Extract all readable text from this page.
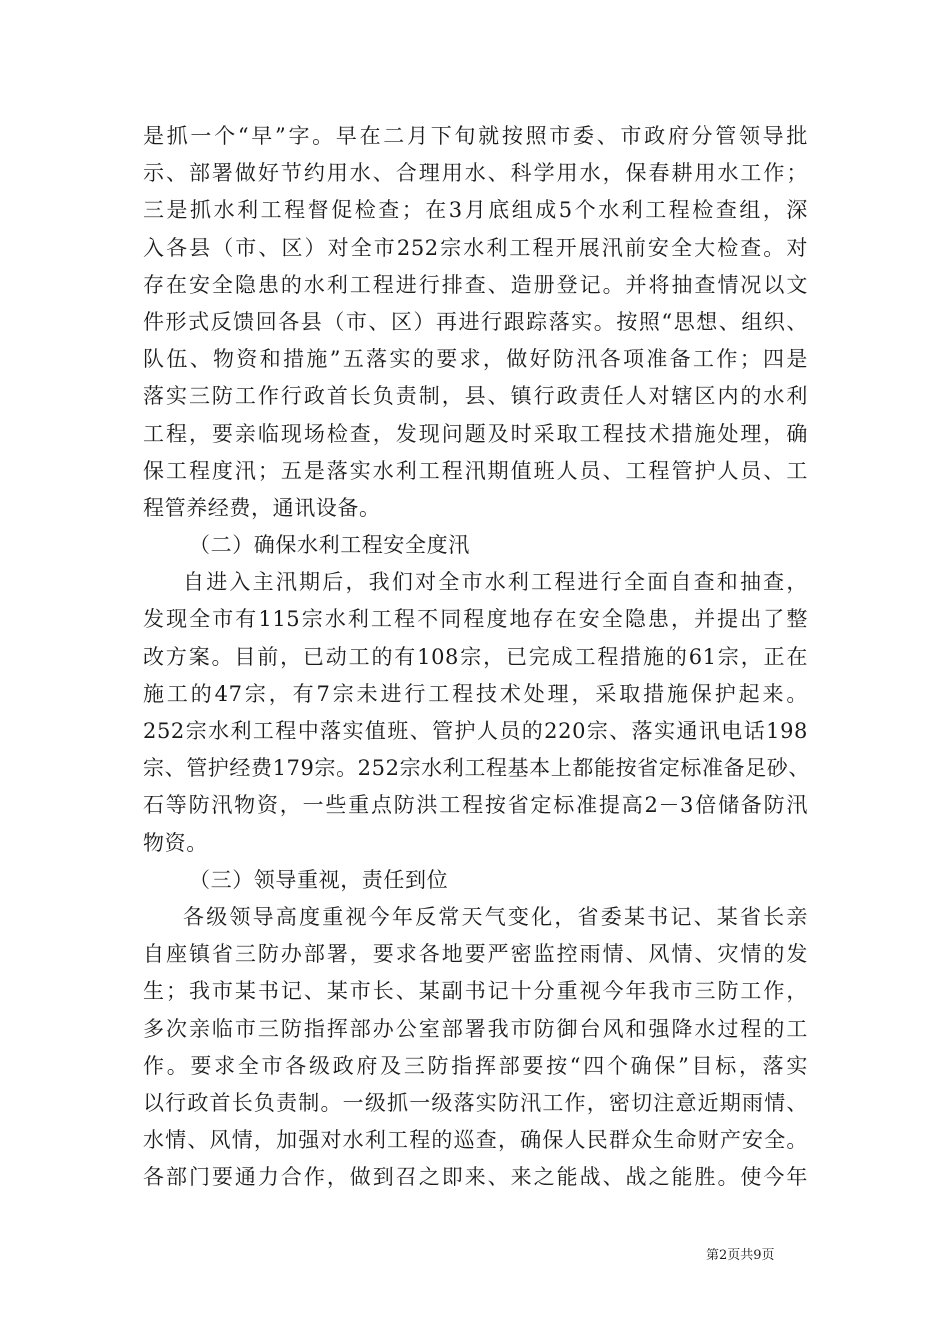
是抓一个“早”字。早在二月下旬就按照市委、市政府分管领导批
示、部署做好节约用水、合理用水、科学用水，保春耕用水工作；
三是抓水利工程督促检查；在3月底组成5个水利工程检查组，深
入各县（市、区）对全市252宗水利工程开展汛前安全大检查。对
存在安全隐患的水利工程进行排查、造册登记。并将抽查情况以文
件形式反馈回各县（市、区）再进行跟踪落实。按照“思想、组织、
队伍、物资和措施”五落实的要求，做好防汛各项准备工作；四是
落实三防工作行政首长负责制，县、镇行政责任人对辖区内的水利
工程，要亲临现场检查，发现问题及时采取工程技术措施处理，确
保工程度汛；五是落实水利工程汛期值班人员、工程管护人员、工
程管养经费，通讯设备。
（二）确保水利工程安全度汛
自进入主汛期后，我们对全市水利工程进行全面自查和抽查，
发现全市有115宗水利工程不同程度地存在安全隐患，并提出了整
改方案。目前，已动工的有108宗，已完成工程措施的61宗，正在
施工的47宗，有7宗未进行工程技术处理，采取措施保护起来。
252宗水利工程中落实值班、管护人员的220宗、落实通讯电话198
宗、管护经费179宗。252宗水利工程基本上都能按省定标准备足砂、
石等防汛物资，一些重点防洪工程按省定标准提高2－3倍储备防汛
物资。
（三）领导重视，责任到位
各级领导高度重视今年反常天气变化，省委某书记、某省长亲
自座镇省三防办部署，要求各地要严密监控雨情、风情、灾情的发
生；我市某书记、某市长、某副书记十分重视今年我市三防工作，
多次亲临市三防指挥部办公室部署我市防御台风和强降水过程的工
作。要求全市各级政府及三防指挥部要按“四个确保”目标，落实
以行政首长负责制。一级抓一级落实防汛工作，密切注意近期雨情、
水情、风情，加强对水利工程的巡查，确保人民群众生命财产安全。
各部门要通力合作，做到召之即来、来之能战、战之能胜。使今年
第2页共9页
